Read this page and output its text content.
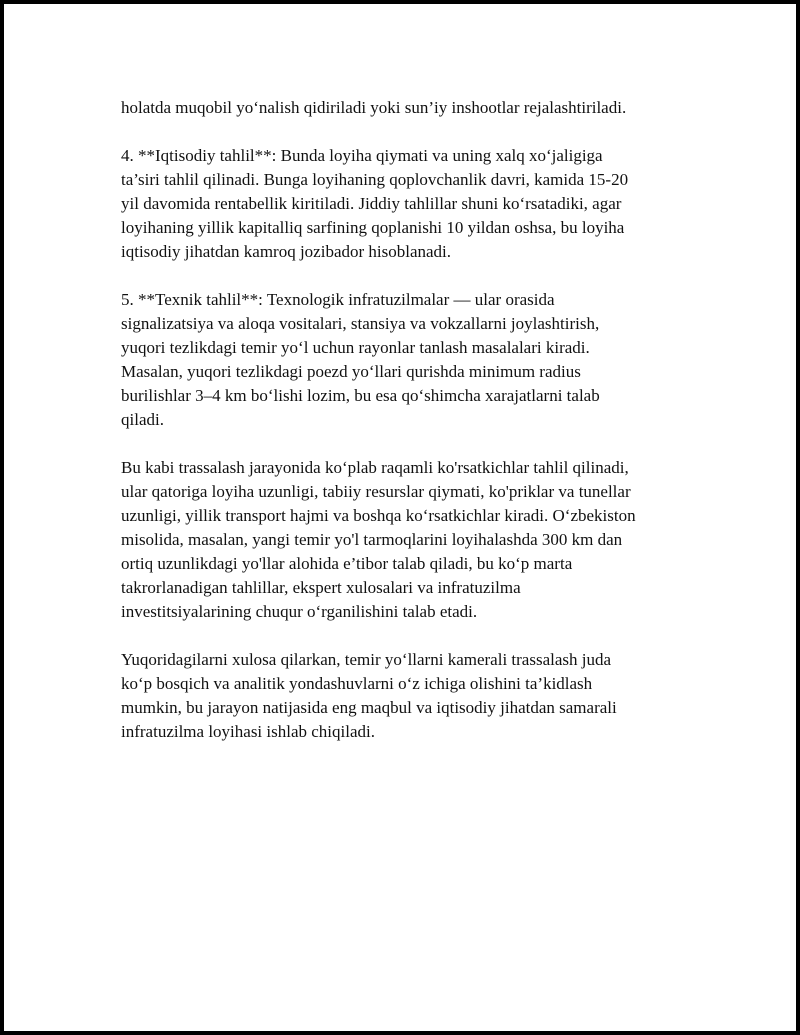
holatda muqobil yo‘nalish qidiriladi yoki sun’iy inshootlar rejalashtiriladi.

4. **Iqtisodiy tahlil**: Bunda loyiha qiymati va uning xalq xo‘jaligiga
ta’siri tahlil qilinadi. Bunga loyihaning qoplovchanlik davri, kamida 15-20
yil davomida rentabellik kiritiladi. Jiddiy tahlillar shuni ko‘rsatadiki, agar
loyihaning yillik kapitalliq sarfining qoplanishi 10 yildan oshsa, bu loyiha
iqtisodiy jihatdan kamroq jozibador hisoblanadi.

5. **Texnik tahlil**: Texnologik infratuzilmalar — ular orasida
signalizatsiya va aloqa vositalari, stansiya va vokzallarni joylashtirish,
yuqori tezlikdagi temir yo‘l uchun rayonlar tanlash masalalari kiradi.
Masalan, yuqori tezlikdagi poezd yo‘llari qurishda minimum radius
burilishlar 3–4 km bo‘lishi lozim, bu esa qo‘shimcha xarajatlarni talab
qiladi.

Bu kabi trassalash jarayonida ko‘plab raqamli ko'rsatkichlar tahlil qilinadi,
ular qatoriga loyiha uzunligi, tabiiy resurslar qiymati, ko'priklar va tunellar
uzunligi, yillik transport hajmi va boshqa ko‘rsatkichlar kiradi. O‘zbekiston
misolida, masalan, yangi temir yo'l tarmoqlarini loyihalashda 300 km dan
ortiq uzunlikdagi yo'llar alohida e’tibor talab qiladi, bu ko‘p marta
takrorlanadigan tahlillar, ekspert xulosalari va infratuzilma
investitsiyalarining chuqur o‘rganilishini talab etadi.

Yuqoridagilarni xulosa qilarkan, temir yo‘llarni kamerali trassalash juda
ko‘p bosqich va analitik yondashuvlarni o‘z ichiga olishini ta’kidlash
mumkin, bu jarayon natijasida eng maqbul va iqtisodiy jihatdan samarali
infratuzilma loyihasi ishlab chiqiladi.
